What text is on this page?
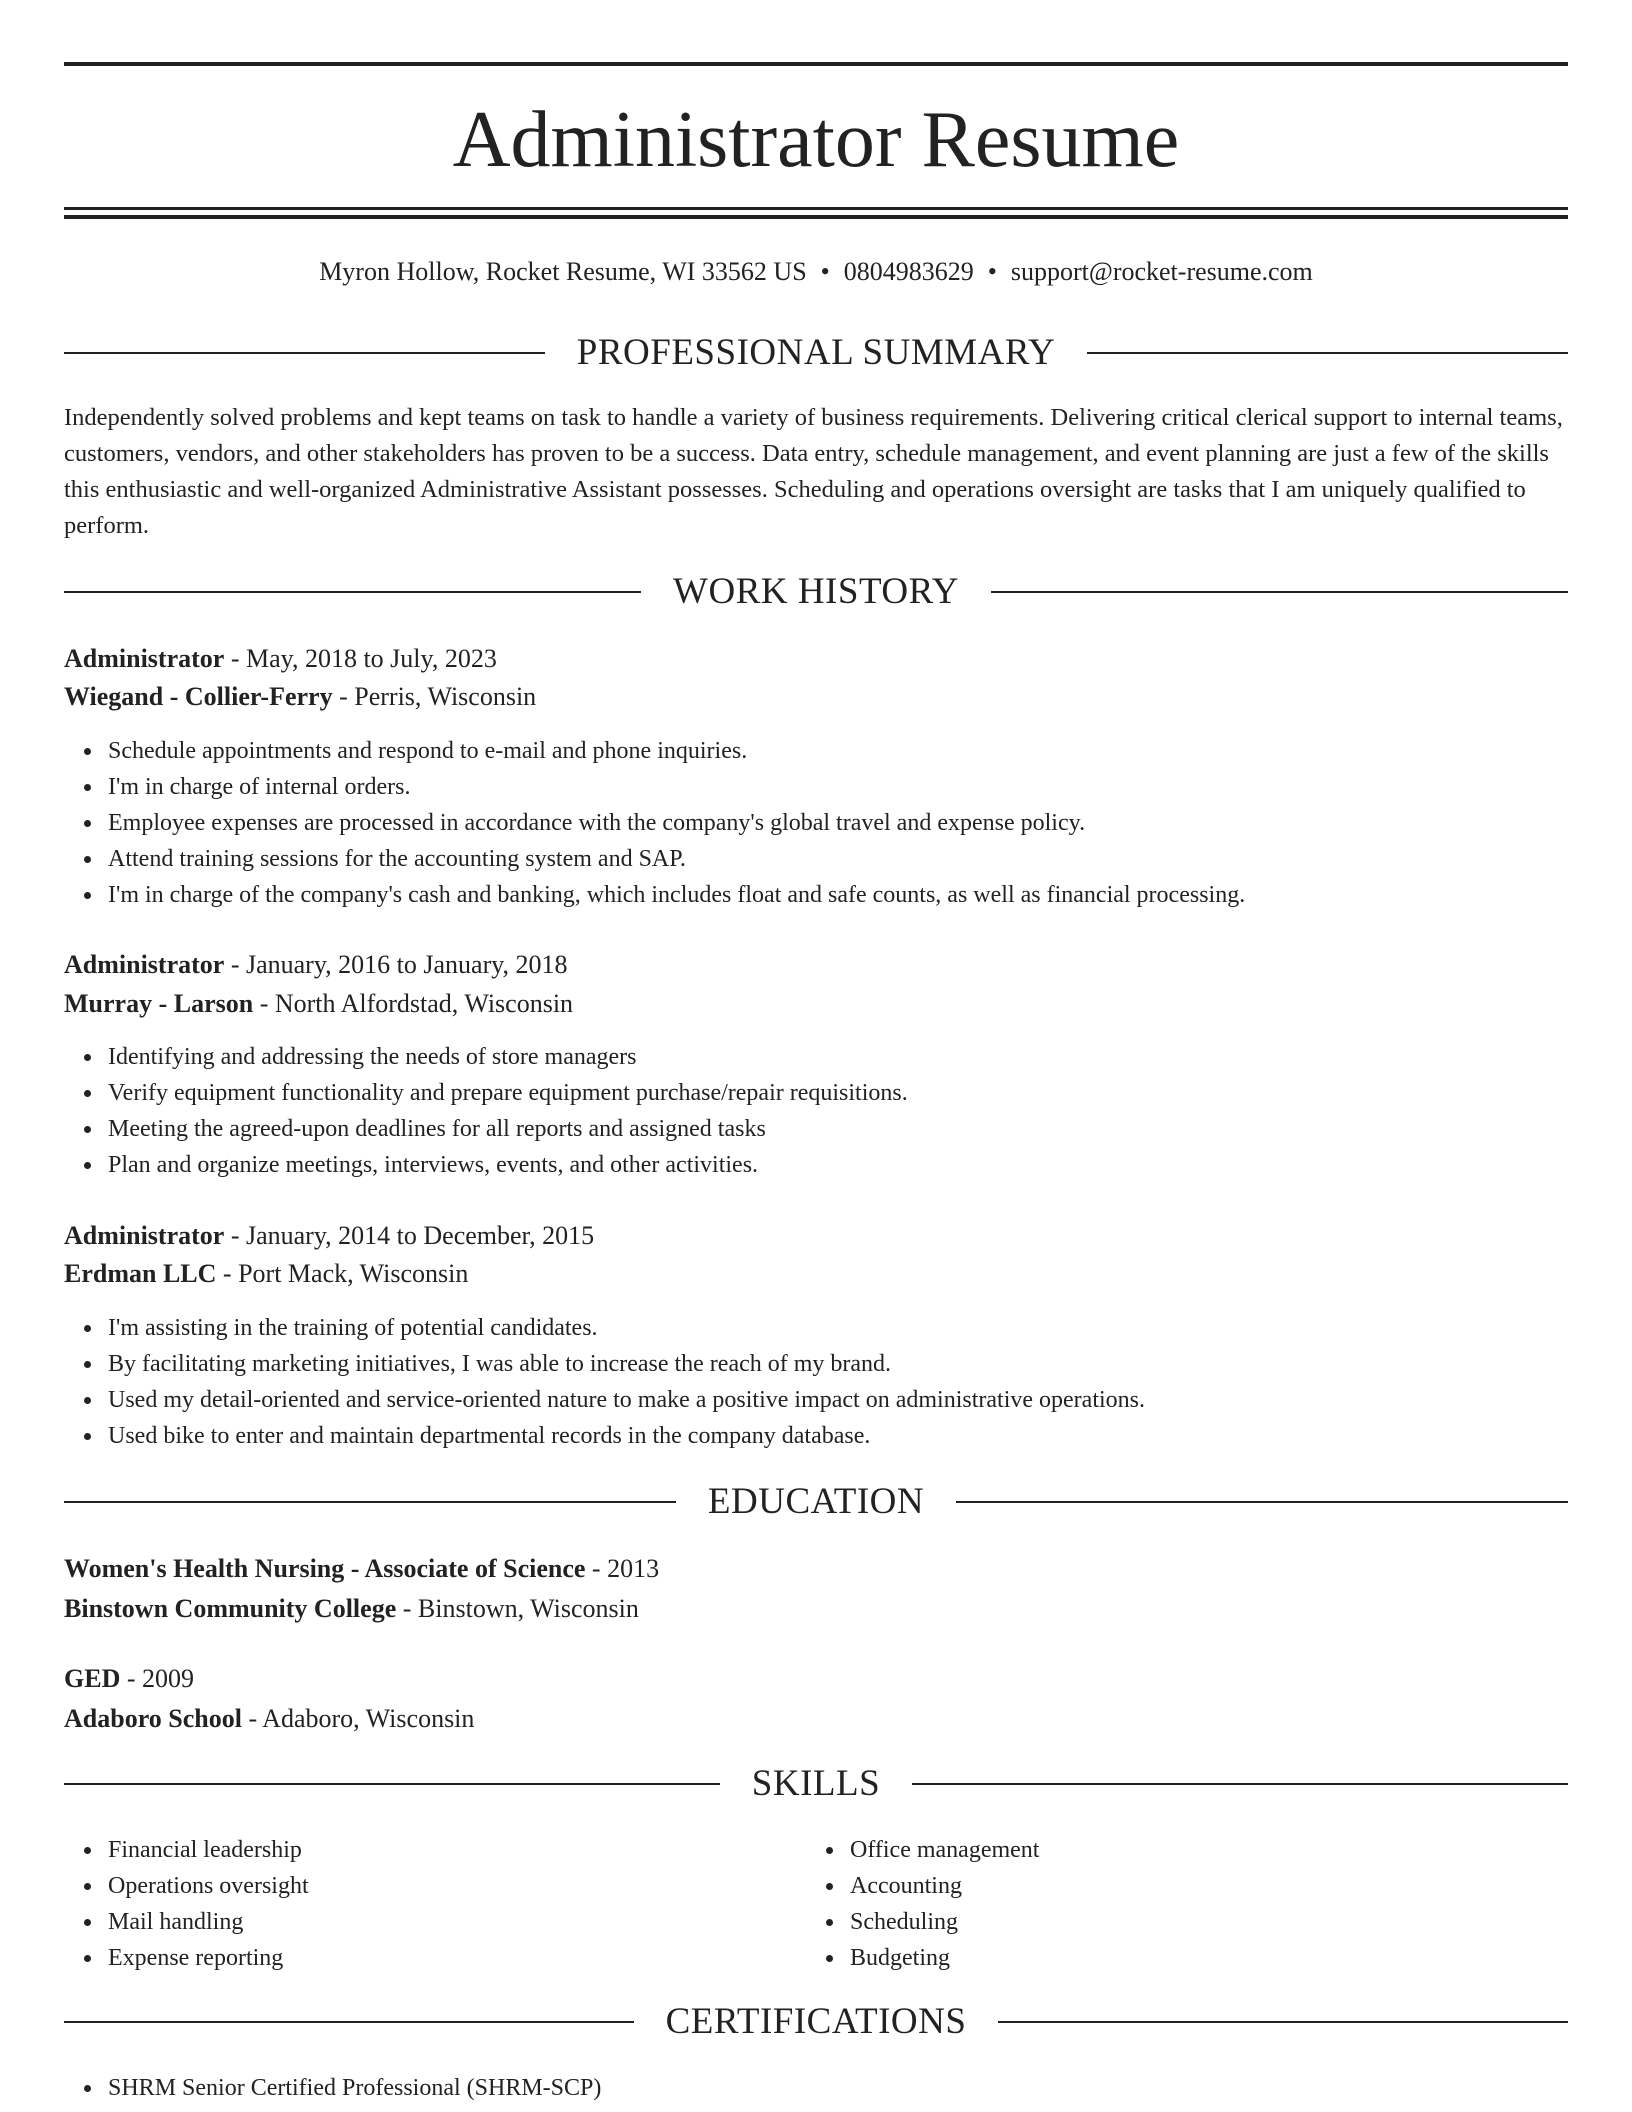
Administrator Resume
Myron Hollow, Rocket Resume, WI 33562 US • 0804983629 • support@rocket-resume.com
PROFESSIONAL SUMMARY
Independently solved problems and kept teams on task to handle a variety of business requirements. Delivering critical clerical support to internal teams, customers, vendors, and other stakeholders has proven to be a success. Data entry, schedule management, and event planning are just a few of the skills this enthusiastic and well-organized Administrative Assistant possesses. Scheduling and operations oversight are tasks that I am uniquely qualified to perform.
WORK HISTORY
Administrator - May, 2018 to July, 2023
Wiegand - Collier-Ferry - Perris, Wisconsin
Schedule appointments and respond to e-mail and phone inquiries.
I'm in charge of internal orders.
Employee expenses are processed in accordance with the company's global travel and expense policy.
Attend training sessions for the accounting system and SAP.
I'm in charge of the company's cash and banking, which includes float and safe counts, as well as financial processing.
Administrator - January, 2016 to January, 2018
Murray - Larson - North Alfordstad, Wisconsin
Identifying and addressing the needs of store managers
Verify equipment functionality and prepare equipment purchase/repair requisitions.
Meeting the agreed-upon deadlines for all reports and assigned tasks
Plan and organize meetings, interviews, events, and other activities.
Administrator - January, 2014 to December, 2015
Erdman LLC - Port Mack, Wisconsin
I'm assisting in the training of potential candidates.
By facilitating marketing initiatives, I was able to increase the reach of my brand.
Used my detail-oriented and service-oriented nature to make a positive impact on administrative operations.
Used bike to enter and maintain departmental records in the company database.
EDUCATION
Women's Health Nursing - Associate of Science - 2013
Binstown Community College - Binstown, Wisconsin
GED - 2009
Adaboro School - Adaboro, Wisconsin
SKILLS
Financial leadership
Operations oversight
Mail handling
Expense reporting
Office management
Accounting
Scheduling
Budgeting
CERTIFICATIONS
SHRM Senior Certified Professional (SHRM-SCP)
